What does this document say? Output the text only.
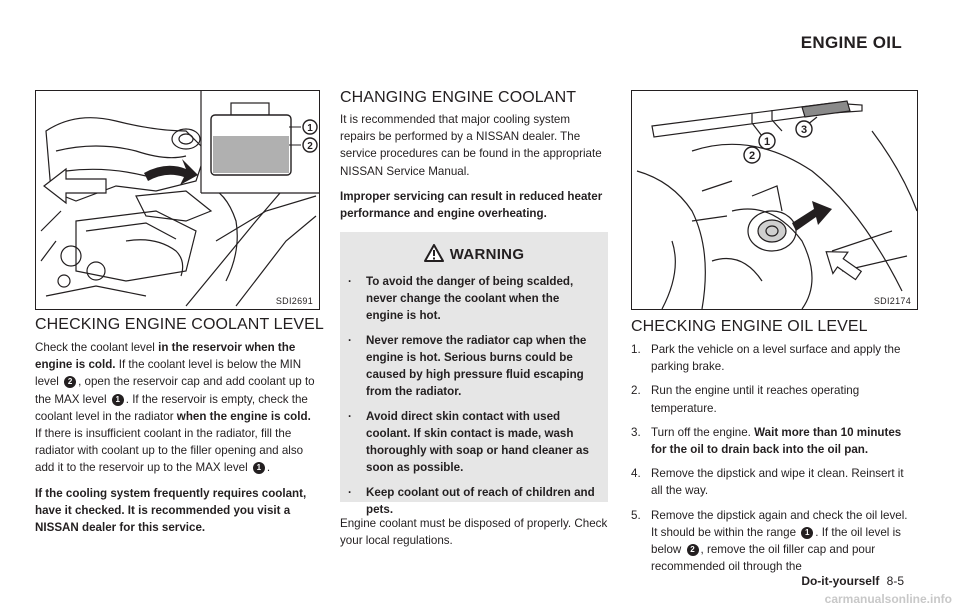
ENGINE OIL
1
2
SDI2691
CHECKING ENGINE COOLANT LEVEL

Check the coolant level in the reservoir when the engine is cold. If the coolant level is below the MIN level 2 , open the reservoir cap and add coolant up to the MAX level 1 . If the reservoir is empty, check the coolant level in the radiator when the engine is cold. If there is insufficient coolant in the radiator, fill the radiator with coolant up to the filler opening and also add it to the reservoir up to the MAX level 1 .

If the cooling system frequently requires coolant, have it checked. It is recommended you visit a NISSAN dealer for this service.

CHANGING ENGINE COOLANT

It is recommended that major cooling system repairs be performed by a NISSAN dealer. The service procedures can be found in the appropriate NISSAN Service Manual.

Improper servicing can result in reduced heater performance and engine overheating.

WARNING
. To avoid the danger of being scalded, never change the coolant when the engine is hot.
. Never remove the radiator cap when the engine is hot. Serious burns could be caused by high pressure fluid escaping from the radiator.
. Avoid direct skin contact with used coolant. If skin contact is made, wash thoroughly with soap or hand cleaner as soon as possible.
. Keep coolant out of reach of children and pets.

Engine coolant must be disposed of properly. Check your local regulations.

2
1
3
SDI2174
CHECKING ENGINE OIL LEVEL
1. Park the vehicle on a level surface and apply the parking brake.
2. Run the engine until it reaches operating temperature.
3. Turn off the engine. Wait more than 10 minutes for the oil to drain back into the oil pan.
4. Remove the dipstick and wipe it clean. Reinsert it all the way.
5. Remove the dipstick again and check the oil level. It should be within the range 1 . If the oil level is below 2 , remove the oil filler cap and pour recommended oil through the
Do-it-yourself 8-5
carmanualsonline.info
